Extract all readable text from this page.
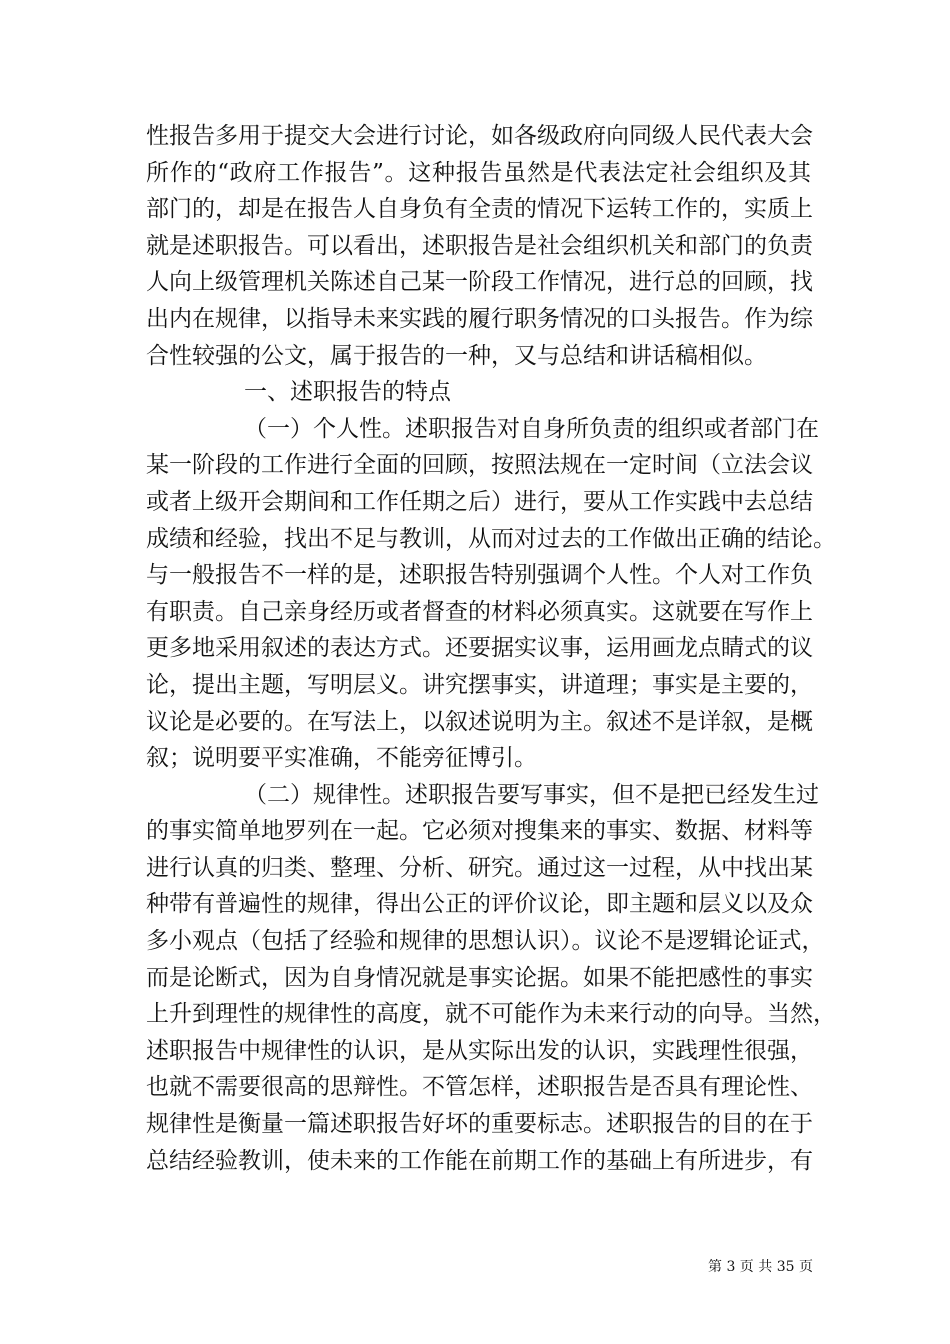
性报告多用于提交大会进行讨论，如各级政府向同级人民代表大会
所作的“政府工作报告”。这种报告虽然是代表法定社会组织及其
部门的，却是在报告人自身负有全责的情况下运转工作的，实质上
就是述职报告。可以看出，述职报告是社会组织机关和部门的负责
人向上级管理机关陈述自己某一阶段工作情况，进行总的回顾，找
出内在规律，以指导未来实践的履行职务情况的口头报告。作为综
合性较强的公文，属于报告的一种，又与总结和讲话稿相似。
一、述职报告的特点
（一）个人性。述职报告对自身所负责的组织或者部门在
某一阶段的工作进行全面的回顾，按照法规在一定时间（立法会议
或者上级开会期间和工作任期之后）进行，要从工作实践中去总结
成绩和经验，找出不足与教训，从而对过去的工作做出正确的结论。
与一般报告不一样的是，述职报告特别强调个人性。个人对工作负
有职责。自己亲身经历或者督查的材料必须真实。这就要在写作上
更多地采用叙述的表达方式。还要据实议事，运用画龙点睛式的议
论，提出主题，写明层义。讲究摆事实，讲道理；事实是主要的，
议论是必要的。在写法上，以叙述说明为主。叙述不是详叙，是概
叙；说明要平实准确，不能旁征博引。
（二）规律性。述职报告要写事实，但不是把已经发生过
的事实简单地罗列在一起。它必须对搜集来的事实、数据、材料等
进行认真的归类、整理、分析、研究。通过这一过程，从中找出某
种带有普遍性的规律，得出公正的评价议论，即主题和层义以及众
多小观点（包括了经验和规律的思想认识）。议论不是逻辑论证式，
而是论断式，因为自身情况就是事实论据。如果不能把感性的事实
上升到理性的规律性的高度，就不可能作为未来行动的向导。当然，
述职报告中规律性的认识，是从实际出发的认识，实践理性很强，
也就不需要很高的思辩性。不管怎样，述职报告是否具有理论性、
规律性是衡量一篇述职报告好坏的重要标志。述职报告的目的在于
总结经验教训，使未来的工作能在前期工作的基础上有所进步，有
第 3 页 共 35 页
